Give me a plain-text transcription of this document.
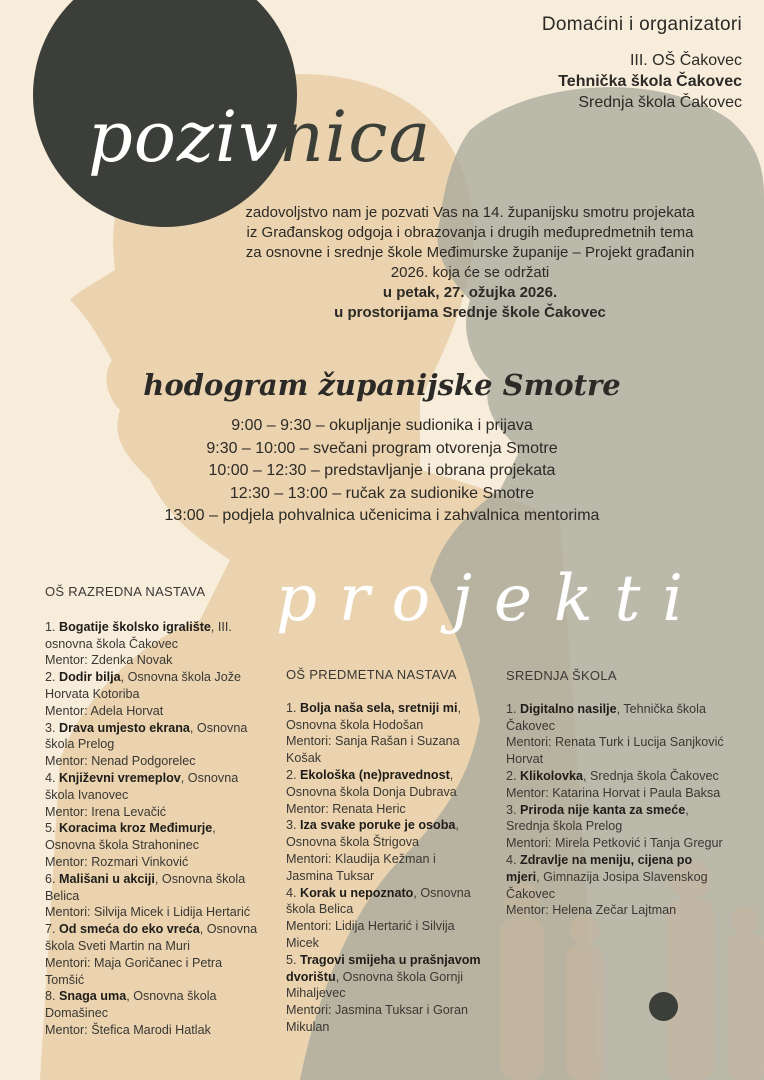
Domaćini i organizatori
III. OŠ Čakovec
Tehnička škola Čakovec
Srednja škola Čakovec
pozivnica
zadovoljstvo nam je pozvati Vas na 14. županijsku smotru projekata iz Građanskog odgoja i obrazovanja i drugih međupredmetnih tema za osnovne i srednje škole Međimurske županije – Projekt građanin 2026. koja će se održati
u petak, 27. ožujka 2026.
u prostorijama Srednje škole Čakovec
hodogram županijske Smotre
9:00 – 9:30 – okupljanje sudionika i prijava
9:30 – 10:00 – svečani program otvorenja Smotre
10:00 – 12:30 – predstavljanje i obrana projekata
12:30 – 13:00 – ručak za sudionike Smotre
13:00 – podjela pohvalnica učenicima i zahvalnica mentorima
projekti
OŠ RAZREDNA NASTAVA
1. Bogatije školsko igralište, III. osnovna škola Čakovec
Mentor: Zdenka Novak
2. Dodir bilja, Osnovna škola Jože Horvata Kotoriba
Mentor: Adela Horvat
3. Drava umjesto ekrana, Osnovna škola Prelog
Mentor: Nenad Podgorelec
4. Književni vremeplov, Osnovna škola Ivanovec
Mentor: Irena Levačić
5. Koracima kroz Međimurje, Osnovna škola Strahoninec
Mentor: Rozmari Vinković
6. Mališani u akciji, Osnovna škola Belica
Mentori: Silvija Micek i Lidija Hertarić
7. Od smeća do eko vreća, Osnovna škola Sveti Martin na Muri
Mentori: Maja Goričanec i Petra Tomšić
8. Snaga uma, Osnovna škola Domašinec
Mentor: Štefica Marodi Hatlak
OŠ PREDMETNA NASTAVA
1. Bolja naša sela, sretniji mi, Osnovna škola Hodošan
Mentori: Sanja Rašan i Suzana Košak
2. Ekološka (ne)pravednost, Osnovna škola Donja Dubrava
Mentor: Renata Heric
3. Iza svake poruke je osoba, Osnovna škola Štrigova
Mentori: Klaudija Kežman i Jasmina Tuksar
4. Korak u nepoznato, Osnovna škola Belica
Mentori: Lidija Hertarić i Silvija Micek
5. Tragovi smijeha u prašnjavom dvorištu, Osnovna škola Gornji Mihaljevec
Mentori: Jasmina Tuksar i Goran Mikulan
SREDNJA ŠKOLA
1. Digitalno nasilje, Tehnička škola Čakovec
Mentori: Renata Turk i Lucija Sanjković Horvat
2. Klikolovka, Srednja škola Čakovec
Mentor: Katarina Horvat i Paula Baksa
3. Priroda nije kanta za smeće, Srednja škola Prelog
Mentori: Mirela Petković i Tanja Gregur
4. Zdravlje na meniju, cijena po mjeri, Gimnazija Josipa Slavenskog Čakovec
Mentor: Helena Zečar Lajtman
